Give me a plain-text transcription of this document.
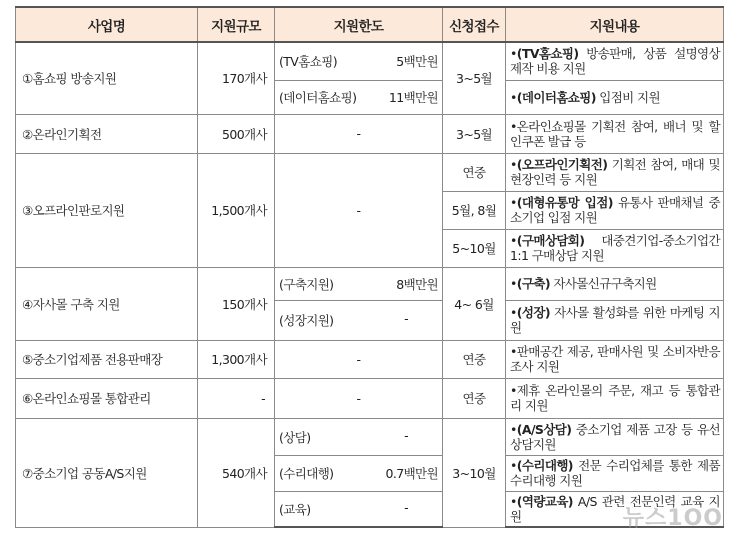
사업명	지원규모	지원한도	신청접수	지원내용
①홈쇼핑 방송지원	170개사	(TV홈쇼핑) 5백만원	3~5월	•(TV홈쇼핑) 방송판매, 상품 설명영상 제작 비용 지원

		(데이터홈쇼핑) 11백만원		•(데이터홈쇼핑) 입점비 지원
②온라인기획전	500개사	-	3~5월	•온라인쇼핑몰 기획전 참여, 배너 및 할인쿠폰 발급 등
③오프라인판로지원	1,500개사	-	연중	•(오프라인기획전) 기획전 참여, 매대 및 현장인력 등 지원
			5월, 8월	•(대형유통망 입점) 유통사 판매채널 중소기업 입점 지원
			5~10월	•(구매상담회) 대중견기업-중소기업간1:1 구매상담 지원
④자사몰 구축 지원	150개사	(구축지원) 8백만원	4~ 6월	•(구축) 자사몰신규구축지원

		(성장지원) -		•(성장) 자사몰 활성화를 위한 마케팅 지원
⑤중소기업제품 전용판매장	1,300개사	-	연중	•판매공간 제공, 판매사원 및 소비자반응 조사 지원
⑥온라인쇼핑몰 통합관리	-	-	연중	•제휴 온라인몰의 주문, 재고 등 통합관리 지원
⑦중소기업 공동A/S지원	540개사	(상담) -	3~10월	•(A/S상담) 중소기업 제품 고장 등 유선상담지원

		(수리대행) 0.7백만원		•(수리대행) 전문 수리업체를 통한 제품 수리대행 지원

		(교육) -		•(역량교육) A/S 관련 전문인력 교육 지원	뉴스1OO
